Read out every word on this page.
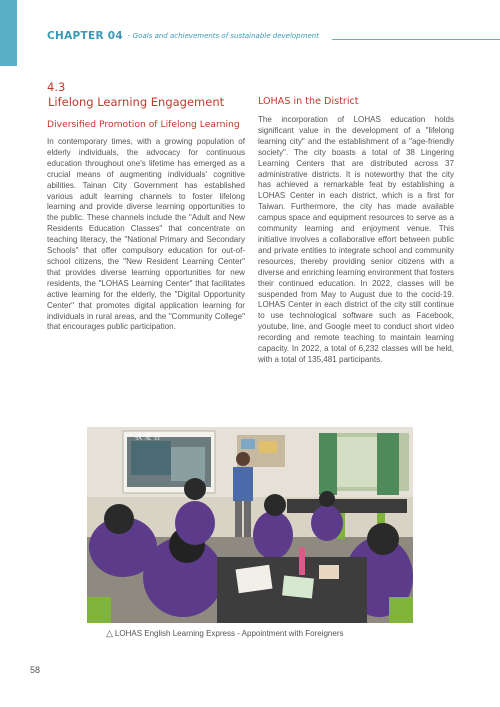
CHAPTER 04 - Goals and achievements of sustainable development

4.3

Lifelong Learning Engagement

Diversified Promotion of Lifelong Learning

In contemporary times, with a growing population of elderly individuals, the advocacy for continuous education throughout one's lifetime has emerged as a crucial means of augmenting individuals' cognitive abilities. Tainan City Government has established various adult learning channels to foster lifelong learning and provide diverse learning opportunities to the public. These channels include the "Adult and New Residents Education Classes" that concentrate on teaching literacy, the "National Primary and Secondary Schools" that offer compulsory education for out-of-school citizens, the "New Resident Learning Center" that provides diverse learning opportunities for new residents, the "LOHAS Learning Center" that facilitates active learning for the elderly, the "Digital Opportunity Center" that promotes digital application learning for individuals in rural areas, and the "Community College" that encourages public participation.

LOHAS in the District

The incorporation of LOHAS education holds significant value in the development of a "lifelong learning city" and the establishment of a "age-friendly society". The city boasts a total of 38 Lingering Learning Centers that are distributed across 37 administrative districts. It is noteworthy that the city has achieved a remarkable feat by establishing a LOHAS Center in each district, which is a first for Taiwan. Furthermore, the city has made available campus space and equipment resources to serve as a community learning and enjoyment venue. This initiative involves a collaborative effort between public and private entities to integrate school and community resources, thereby providing senior citizens with a diverse and enriching learning environment that fosters their continued education. In 2022, classes will be suspended from May to August due to the cocid-19. LOHAS Center in each district of the city still continue to use technological software such as Facebook, youtube, line, and Google meet to conduct short video recording and remote teaching to maintain learning capacity. In 2022, a total of 6,232 classes will be held, with a total of 135,481 participants.

我 愛 自
△ LOHAS English Learning Express - Appointment with Foreigners
58
